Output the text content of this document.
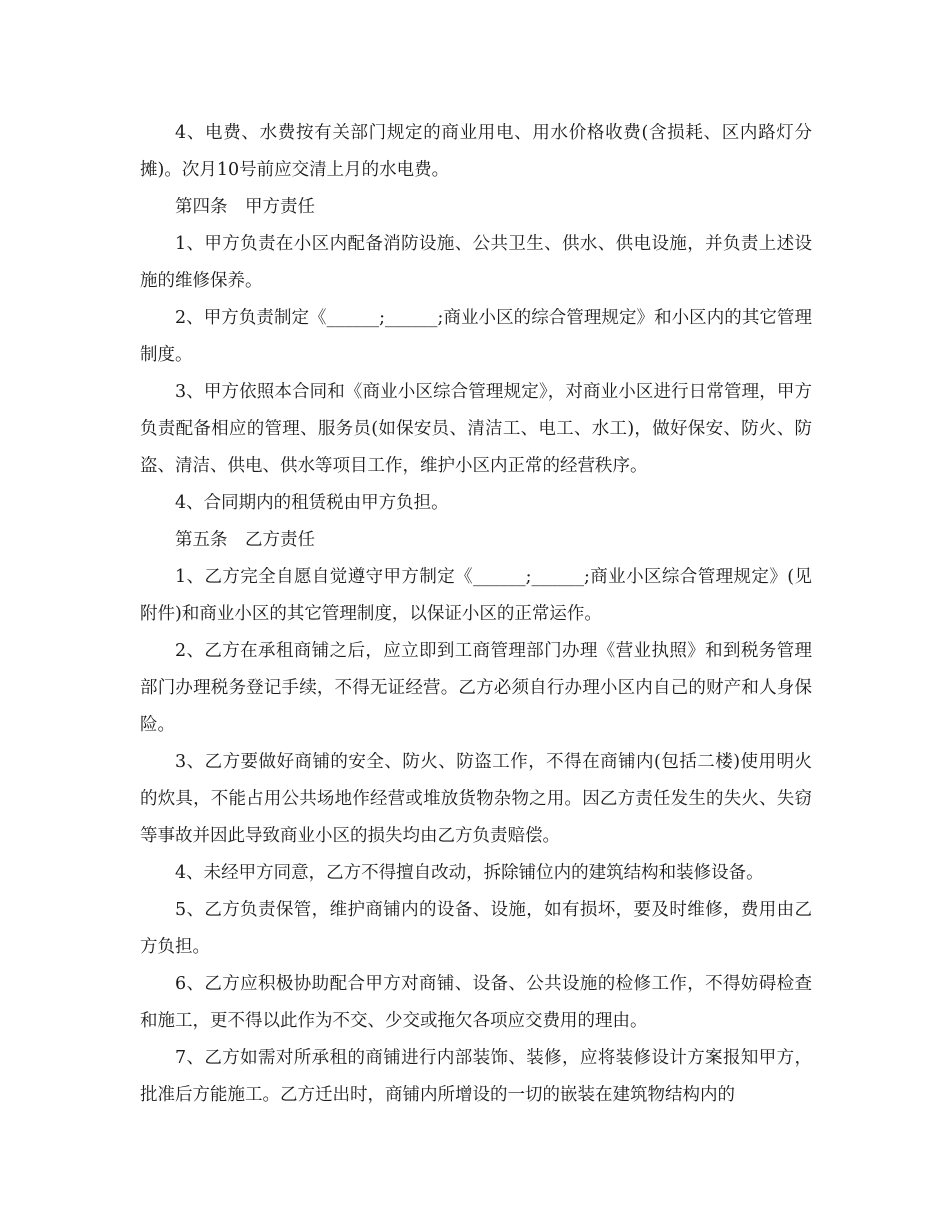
4、电费、水费按有关部门规定的商业用电、用水价格收费(含损耗、区内路灯分摊)。次月10号前应交清上月的水电费。

第四条　甲方责任

1、甲方负责在小区内配备消防设施、公共卫生、供水、供电设施，并负责上述设施的维修保养。

2、甲方负责制定《______;______;商业小区的综合管理规定》和小区内的其它管理制度。

3、甲方依照本合同和《商业小区综合管理规定》，对商业小区进行日常管理，甲方负责配备相应的管理、服务员(如保安员、清洁工、电工、水工)，做好保安、防火、防盗、清洁、供电、供水等项目工作，维护小区内正常的经营秩序。

4、合同期内的租赁税由甲方负担。

第五条　乙方责任

1、乙方完全自愿自觉遵守甲方制定《______;______;商业小区综合管理规定》(见附件)和商业小区的其它管理制度，以保证小区的正常运作。

2、乙方在承租商铺之后，应立即到工商管理部门办理《营业执照》和到税务管理部门办理税务登记手续，不得无证经营。乙方必须自行办理小区内自己的财产和人身保险。

3、乙方要做好商铺的安全、防火、防盗工作，不得在商铺内(包括二楼)使用明火的炊具，不能占用公共场地作经营或堆放货物杂物之用。因乙方责任发生的失火、失窃等事故并因此导致商业小区的损失均由乙方负责赔偿。

4、未经甲方同意，乙方不得擅自改动，拆除铺位内的建筑结构和装修设备。

5、乙方负责保管，维护商铺内的设备、设施，如有损坏，要及时维修，费用由乙方负担。

6、乙方应积极协助配合甲方对商铺、设备、公共设施的检修工作，不得妨碍检查和施工，更不得以此作为不交、少交或拖欠各项应交费用的理由。

7、乙方如需对所承租的商铺进行内部装饰、装修，应将装修设计方案报知甲方，批准后方能施工。乙方迁出时，商铺内所增设的一切的嵌装在建筑物结构内的
